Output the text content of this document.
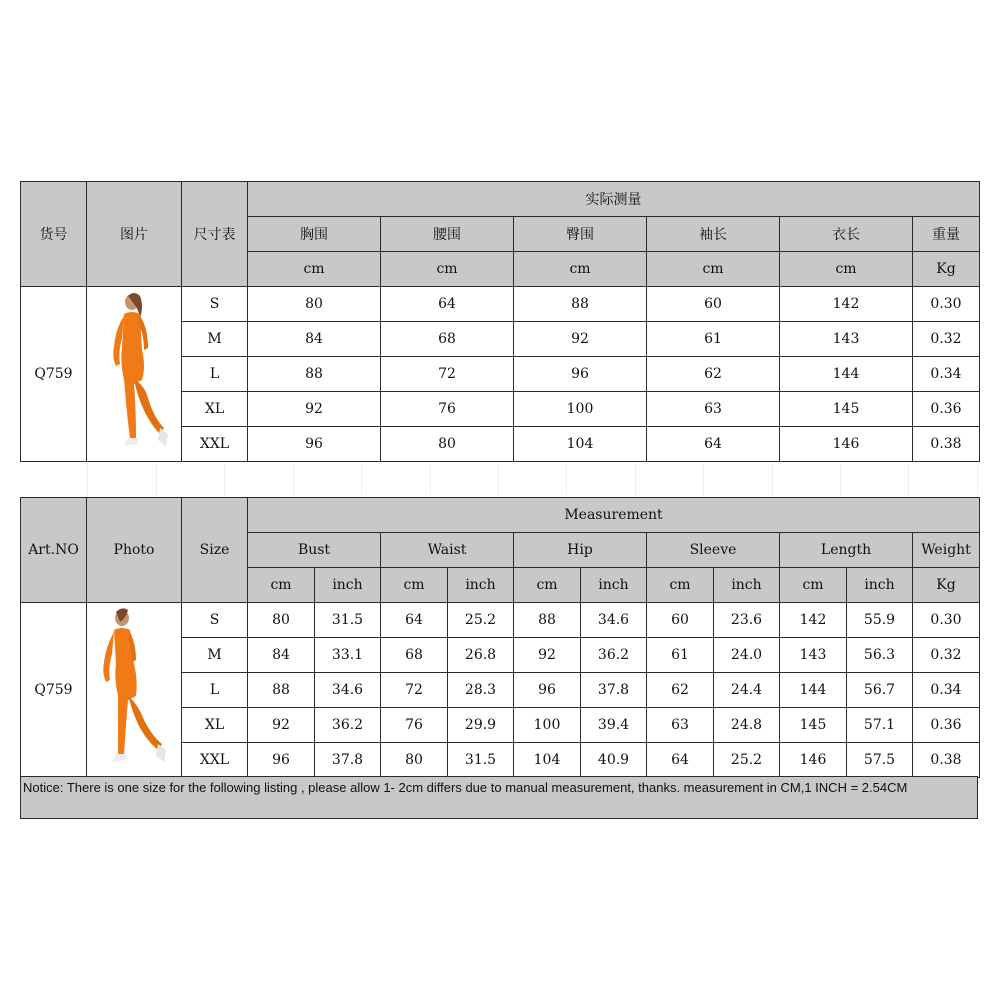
货号	图片	尺寸表	实际测量					
			胸围	腰围	臀围	袖长	衣长	重量
			cm	cm	cm	cm	cm	Kg
Q759		S	80	64	88	60	142	0.30
		M	84	68	92	61	143	0.32
		L	88	72	96	62	144	0.34
		XL	92	76	100	63	145	0.36
		XXL	96	80	104	64	146	0.38
Art.NO	Photo	Size	Measurement										
			Bust		Waist		Hip		Sleeve		Length		Weight
			cm	inch	cm	inch	cm	inch	cm	inch	cm	inch	Kg
Q759		S	80	31.5	64	25.2	88	34.6	60	23.6	142	55.9	0.30
		M	84	33.1	68	26.8	92	36.2	61	24.0	143	56.3	0.32
		L	88	34.6	72	28.3	96	37.8	62	24.4	144	56.7	0.34
		XL	92	36.2	76	29.9	100	39.4	63	24.8	145	57.1	0.36
		XXL	96	37.8	80	31.5	104	40.9	64	25.2	146	57.5	0.38
Notice: There is one size for the following listing , please allow 1- 2cm differs due to manual measurement, thanks. measurement in CM,1 INCH = 2.54CM
